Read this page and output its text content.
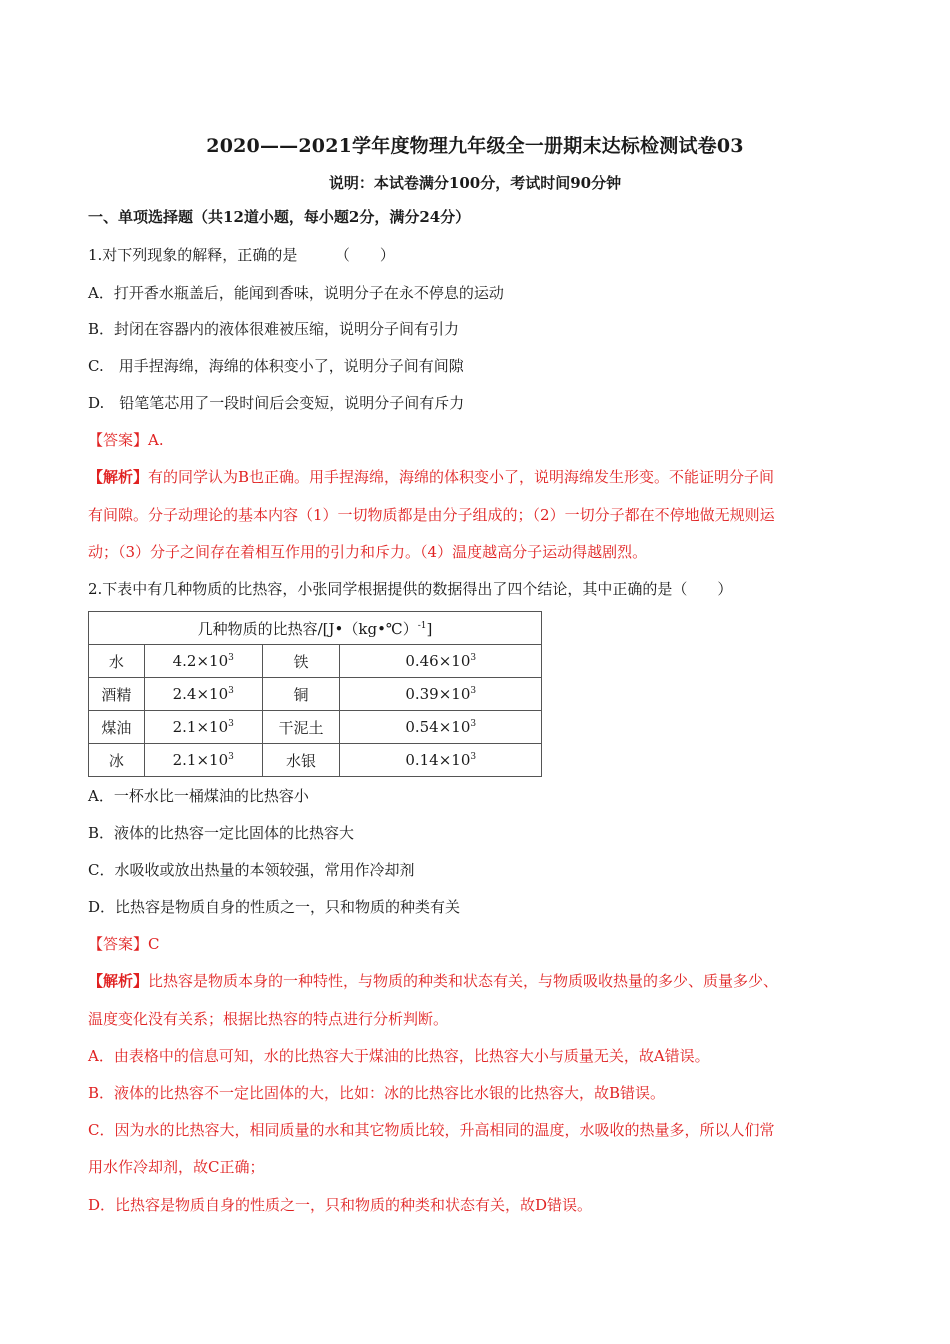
2020——2021学年度物理九年级全一册期末达标检测试卷03
说明：本试卷满分100分，考试时间90分钟
一、单项选择题（共12道小题，每小题2分，满分24分）
1.对下列现象的解释，正确的是　　　（　　）
A．打开香水瓶盖后，能闻到香味，说明分子在永不停息的运动
B．封闭在容器内的液体很难被压缩，说明分子间有引力
C.　用手捏海绵，海绵的体积变小了，说明分子间有间隙
D.　铅笔笔芯用了一段时间后会变短，说明分子间有斥力
【答案】A.
【解析】有的同学认为B也正确。用手捏海绵，海绵的体积变小了，说明海绵发生形变。不能证明分子间
有间隙。分子动理论的基本内容（1）一切物质都是由分子组成的；（2）一切分子都在不停地做无规则运
动；（3）分子之间存在着相互作用的引力和斥力。（4）温度越高分子运动得越剧烈。
2.下表中有几种物质的比热容，小张同学根据提供的数据得出了四个结论，其中正确的是（　　）
几种物质的比热容/[J•（kg•℃）$^{-1}$]			
水	$4.2\times 10^3$	铁	$0.46\times 10^3$
酒精	$2.4\times 10^3$	铜	$0.39\times 10^3$
煤油	$2.1\times 10^3$	干泥土	$0.54\times 10^3$
冰	$2.1\times 10^3$	水银	$0.14\times 10^3$
A．一杯水比一桶煤油的比热容小
B．液体的比热容一定比固体的比热容大
C．水吸收或放出热量的本领较强，常用作冷却剂
D．比热容是物质自身的性质之一，只和物质的种类有关
【答案】C
【解析】比热容是物质本身的一种特性，与物质的种类和状态有关，与物质吸收热量的多少、质量多少、
温度变化没有关系；根据比热容的特点进行分析判断。
A．由表格中的信息可知，水的比热容大于煤油的比热容，比热容大小与质量无关，故A错误。
B．液体的比热容不一定比固体的大，比如：冰的比热容比水银的比热容大，故B错误。
C．因为水的比热容大，相同质量的水和其它物质比较，升高相同的温度，水吸收的热量多，所以人们常
用水作冷却剂，故C正确；
D．比热容是物质自身的性质之一，只和物质的种类和状态有关，故D错误。
